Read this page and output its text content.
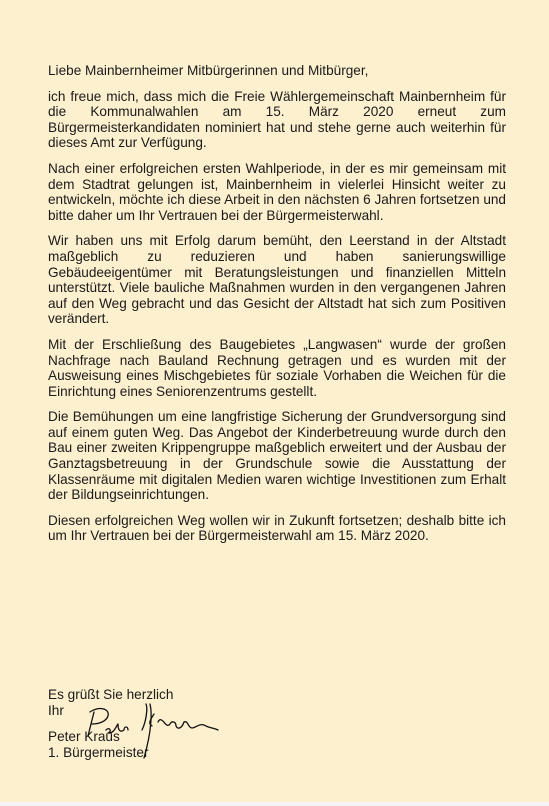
Liebe Mainbernheimer Mitbürgerinnen und Mitbürger,

ich freue mich, dass mich die Freie Wählergemeinschaft Mainbernheim für die Kommunalwahlen am 15. März 2020 erneut zum Bürgermeisterkandidaten nominiert hat und stehe gerne auch weiterhin für dieses Amt zur Verfügung.

Nach einer erfolgreichen ersten Wahlperiode, in der es mir gemeinsam mit dem Stadtrat gelungen ist, Mainbernheim in vielerlei Hinsicht weiter zu entwickeln, möchte ich diese Arbeit in den nächsten 6 Jahren fortsetzen und bitte daher um Ihr Vertrauen bei der Bürgermeisterwahl.

Wir haben uns mit Erfolg darum bemüht, den Leerstand in der Altstadt maßgeblich zu reduzieren und haben sanierungswillige Gebäudeeigentümer mit Beratungsleistungen und finanziellen Mitteln unterstützt. Viele bauliche Maßnahmen wurden in den vergangenen Jahren auf den Weg gebracht und das Gesicht der Altstadt hat sich zum Positiven verändert.

Mit der Erschließung des Baugebietes „Langwasen“ wurde der großen Nachfrage nach Bauland Rechnung getragen und es wurden mit der Ausweisung eines Mischgebietes für soziale Vorhaben die Weichen für die Einrichtung eines Seniorenzentrums gestellt.

Die Bemühungen um eine langfristige Sicherung der Grundversorgung sind auf einem guten Weg. Das Angebot der Kinderbetreuung wurde durch den Bau einer zweiten Krippengruppe maßgeblich erweitert und der Ausbau der Ganztagsbetreuung in der Grundschule sowie die Ausstattung der Klassenräume mit digitalen Medien waren wichtige Investitionen zum Erhalt der Bildungseinrichtungen.

Diesen erfolgreichen Weg wollen wir in Zukunft fortsetzen; deshalb bitte ich um Ihr Vertrauen bei der Bürgermeisterwahl am 15. März 2020.

Es grüßt Sie herzlich
Ihr
Peter Kraus
1. Bürgermeister
